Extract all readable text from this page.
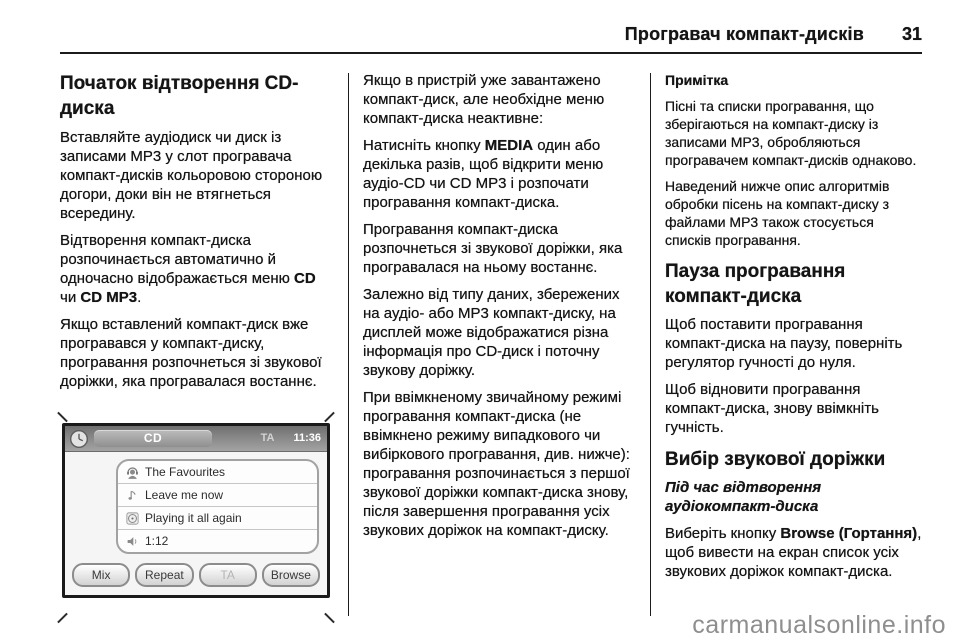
Програвач компакт-дисків 31
Початок відтворення CD-диска

Вставляйте аудіодиск чи диск із записами MP3 у слот програвача компакт-дисків кольоровою стороною догори, доки він не втягнеться всередину.

Відтворення компакт-диска розпочинається автоматично й одночасно відображається меню CD чи CD MP3.

Якщо вставлений компакт-диск вже програвався у компакт-диску, програвання розпочнеться зі звукової доріжки, яка програвалася востаннє.

CD	TA 11:36
The Favourites
Leave me now
Playing it all again
1:12
Mix	Repeat	TA	Browse

Якщо в пристрій уже завантажено компакт-диск, але необхідне меню компакт-диска неактивне:

Натисніть кнопку MEDIA один або декілька разів, щоб відкрити меню аудіо-CD чи CD MP3 і розпочати програвання компакт-диска.

Програвання компакт-диска розпочнеться зі звукової доріжки, яка програвалася на ньому востаннє.

Залежно від типу даних, збережених на аудіо- або MP3 компакт-диску, на дисплей може відображатися різна інформація про CD-диск і поточну звукову доріжку.

При ввімкненому звичайному режимі програвання компакт-диска (не ввімкнено режиму випадкового чи вибіркового програвання, див. нижче): програвання розпочинається з першої звукової доріжки компакт-диска знову, після завершення програвання усіх звукових доріжок на компакт-диску.

Примітка

Пісні та списки програвання, що зберігаються на компакт-диску із записами MP3, обробляються програвачем компакт-дисків однаково.

Наведений нижче опис алгоритмів обробки пісень на компакт-диску з файлами MP3 також стосується списків програвання.

Пауза програвання компакт-диска

Щоб поставити програвання компакт-диска на паузу, поверніть регулятор гучності до нуля.

Щоб відновити програвання компакт-диска, знову ввімкніть гучність.

Вибір звукової доріжки

Під час відтворення аудіокомпакт-диска

Виберіть кнопку Browse (Гортання), щоб вивести на екран список усіх звукових доріжок компакт-диска.

carmanualsonline.info
